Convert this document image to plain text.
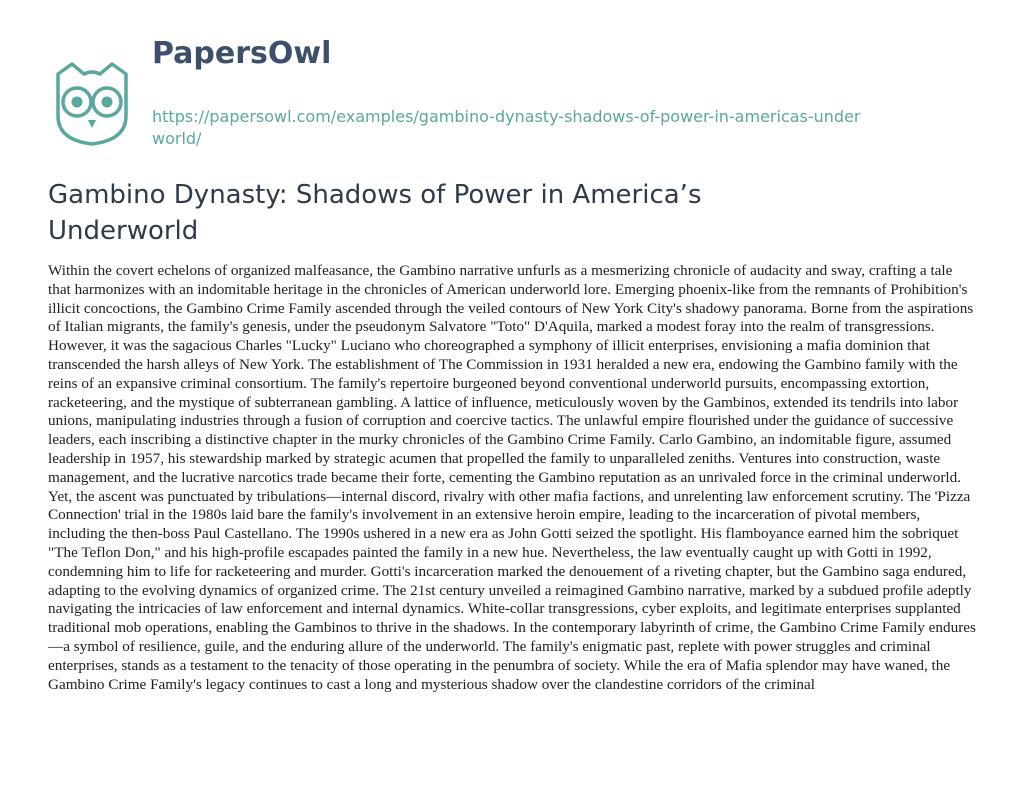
PapersOwl
https://papersowl.com/examples/gambino-dynasty-shadows-of-power-in-americas-underworld/
Gambino Dynasty: Shadows of Power in America’s Underworld

Within the covert echelons of organized malfeasance, the Gambino narrative unfurls as a mesmerizing chronicle of audacity and sway, crafting a tale that harmonizes with an indomitable heritage in the chronicles of American underworld lore. Emerging phoenix-like from the remnants of Prohibition's illicit concoctions, the Gambino Crime Family ascended through the veiled contours of New York City's shadowy panorama. Borne from the aspirations of Italian migrants, the family's genesis, under the pseudonym Salvatore "Toto" D'Aquila, marked a modest foray into the realm of transgressions. However, it was the sagacious Charles "Lucky" Luciano who choreographed a symphony of illicit enterprises, envisioning a mafia dominion that transcended the harsh alleys of New York. The establishment of The Commission in 1931 heralded a new era, endowing the Gambino family with the reins of an expansive criminal consortium. The family's repertoire burgeoned beyond conventional underworld pursuits, encompassing extortion, racketeering, and the mystique of subterranean gambling. A lattice of influence, meticulously woven by the Gambinos, extended its tendrils into labor unions, manipulating industries through a fusion of corruption and coercive tactics. The unlawful empire flourished under the guidance of successive leaders, each inscribing a distinctive chapter in the murky chronicles of the Gambino Crime Family. Carlo Gambino, an indomitable figure, assumed leadership in 1957, his stewardship marked by strategic acumen that propelled the family to unparalleled zeniths. Ventures into construction, waste management, and the lucrative narcotics trade became their forte, cementing the Gambino reputation as an unrivaled force in the criminal underworld. Yet, the ascent was punctuated by tribulations—internal discord, rivalry with other mafia factions, and unrelenting law enforcement scrutiny. The 'Pizza Connection' trial in the 1980s laid bare the family's involvement in an extensive heroin empire, leading to the incarceration of pivotal members, including the then-boss Paul Castellano. The 1990s ushered in a new era as John Gotti seized the spotlight. His flamboyance earned him the sobriquet "The Teflon Don," and his high-profile escapades painted the family in a new hue. Nevertheless, the law eventually caught up with Gotti in 1992, condemning him to life for racketeering and murder. Gotti's incarceration marked the denouement of a riveting chapter, but the Gambino saga endured, adapting to the evolving dynamics of organized crime. The 21st century unveiled a reimagined Gambino narrative, marked by a subdued profile adeptly navigating the intricacies of law enforcement and internal dynamics. White-collar transgressions, cyber exploits, and legitimate enterprises supplanted traditional mob operations, enabling the Gambinos to thrive in the shadows. In the contemporary labyrinth of crime, the Gambino Crime Family endures—a symbol of resilience, guile, and the enduring allure of the underworld. The family's enigmatic past, replete with power struggles and criminal enterprises, stands as a testament to the tenacity of those operating in the penumbra of society. While the era of Mafia splendor may have waned, the Gambino Crime Family's legacy continues to cast a long and mysterious shadow over the clandestine corridors of the criminal
